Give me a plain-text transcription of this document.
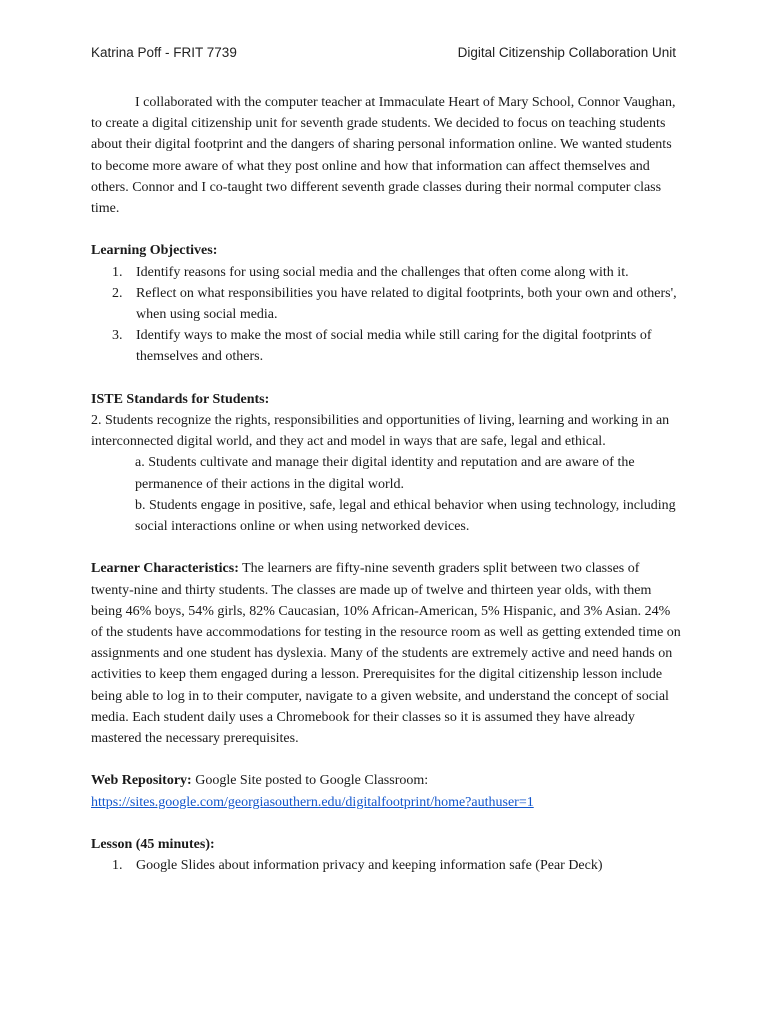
Katrina Poff - FRIT 7739	Digital Citizenship Collaboration Unit

I collaborated with the computer teacher at Immaculate Heart of Mary School, Connor Vaughan, to create a digital citizenship unit for seventh grade students. We decided to focus on teaching students about their digital footprint and the dangers of sharing personal information online. We wanted students to become more aware of what they post online and how that information can affect themselves and others. Connor and I co-taught two different seventh grade classes during their normal computer class time.

Learning Objectives:

1. Identify reasons for using social media and the challenges that often come along with it.
2. Reflect on what responsibilities you have related to digital footprints, both your own and others', when using social media.
3. Identify ways to make the most of social media while still caring for the digital footprints of themselves and others.

ISTE Standards for Students:

2. Students recognize the rights, responsibilities and opportunities of living, learning and working in an interconnected digital world, and they act and model in ways that are safe, legal and ethical.

a. Students cultivate and manage their digital identity and reputation and are aware of the permanence of their actions in the digital world.

b. Students engage in positive, safe, legal and ethical behavior when using technology, including social interactions online or when using networked devices.

Learner Characteristics: The learners are fifty-nine seventh graders split between two classes of twenty-nine and thirty students. The classes are made up of twelve and thirteen year olds, with them being 46% boys, 54% girls, 82% Caucasian, 10% African-American, 5% Hispanic, and 3% Asian. 24% of the students have accommodations for testing in the resource room as well as getting extended time on assignments and one student has dyslexia. Many of the students are extremely active and need hands on activities to keep them engaged during a lesson. Prerequisites for the digital citizenship lesson include being able to log in to their computer, navigate to a given website, and understand the concept of social media. Each student daily uses a Chromebook for their classes so it is assumed they have already mastered the necessary prerequisites.

Web Repository: Google Site posted to Google Classroom:

https://sites.google.com/georgiasouthern.edu/digitalfootprint/home?authuser=1

Lesson (45 minutes):

1. Google Slides about information privacy and keeping information safe (Pear Deck)
